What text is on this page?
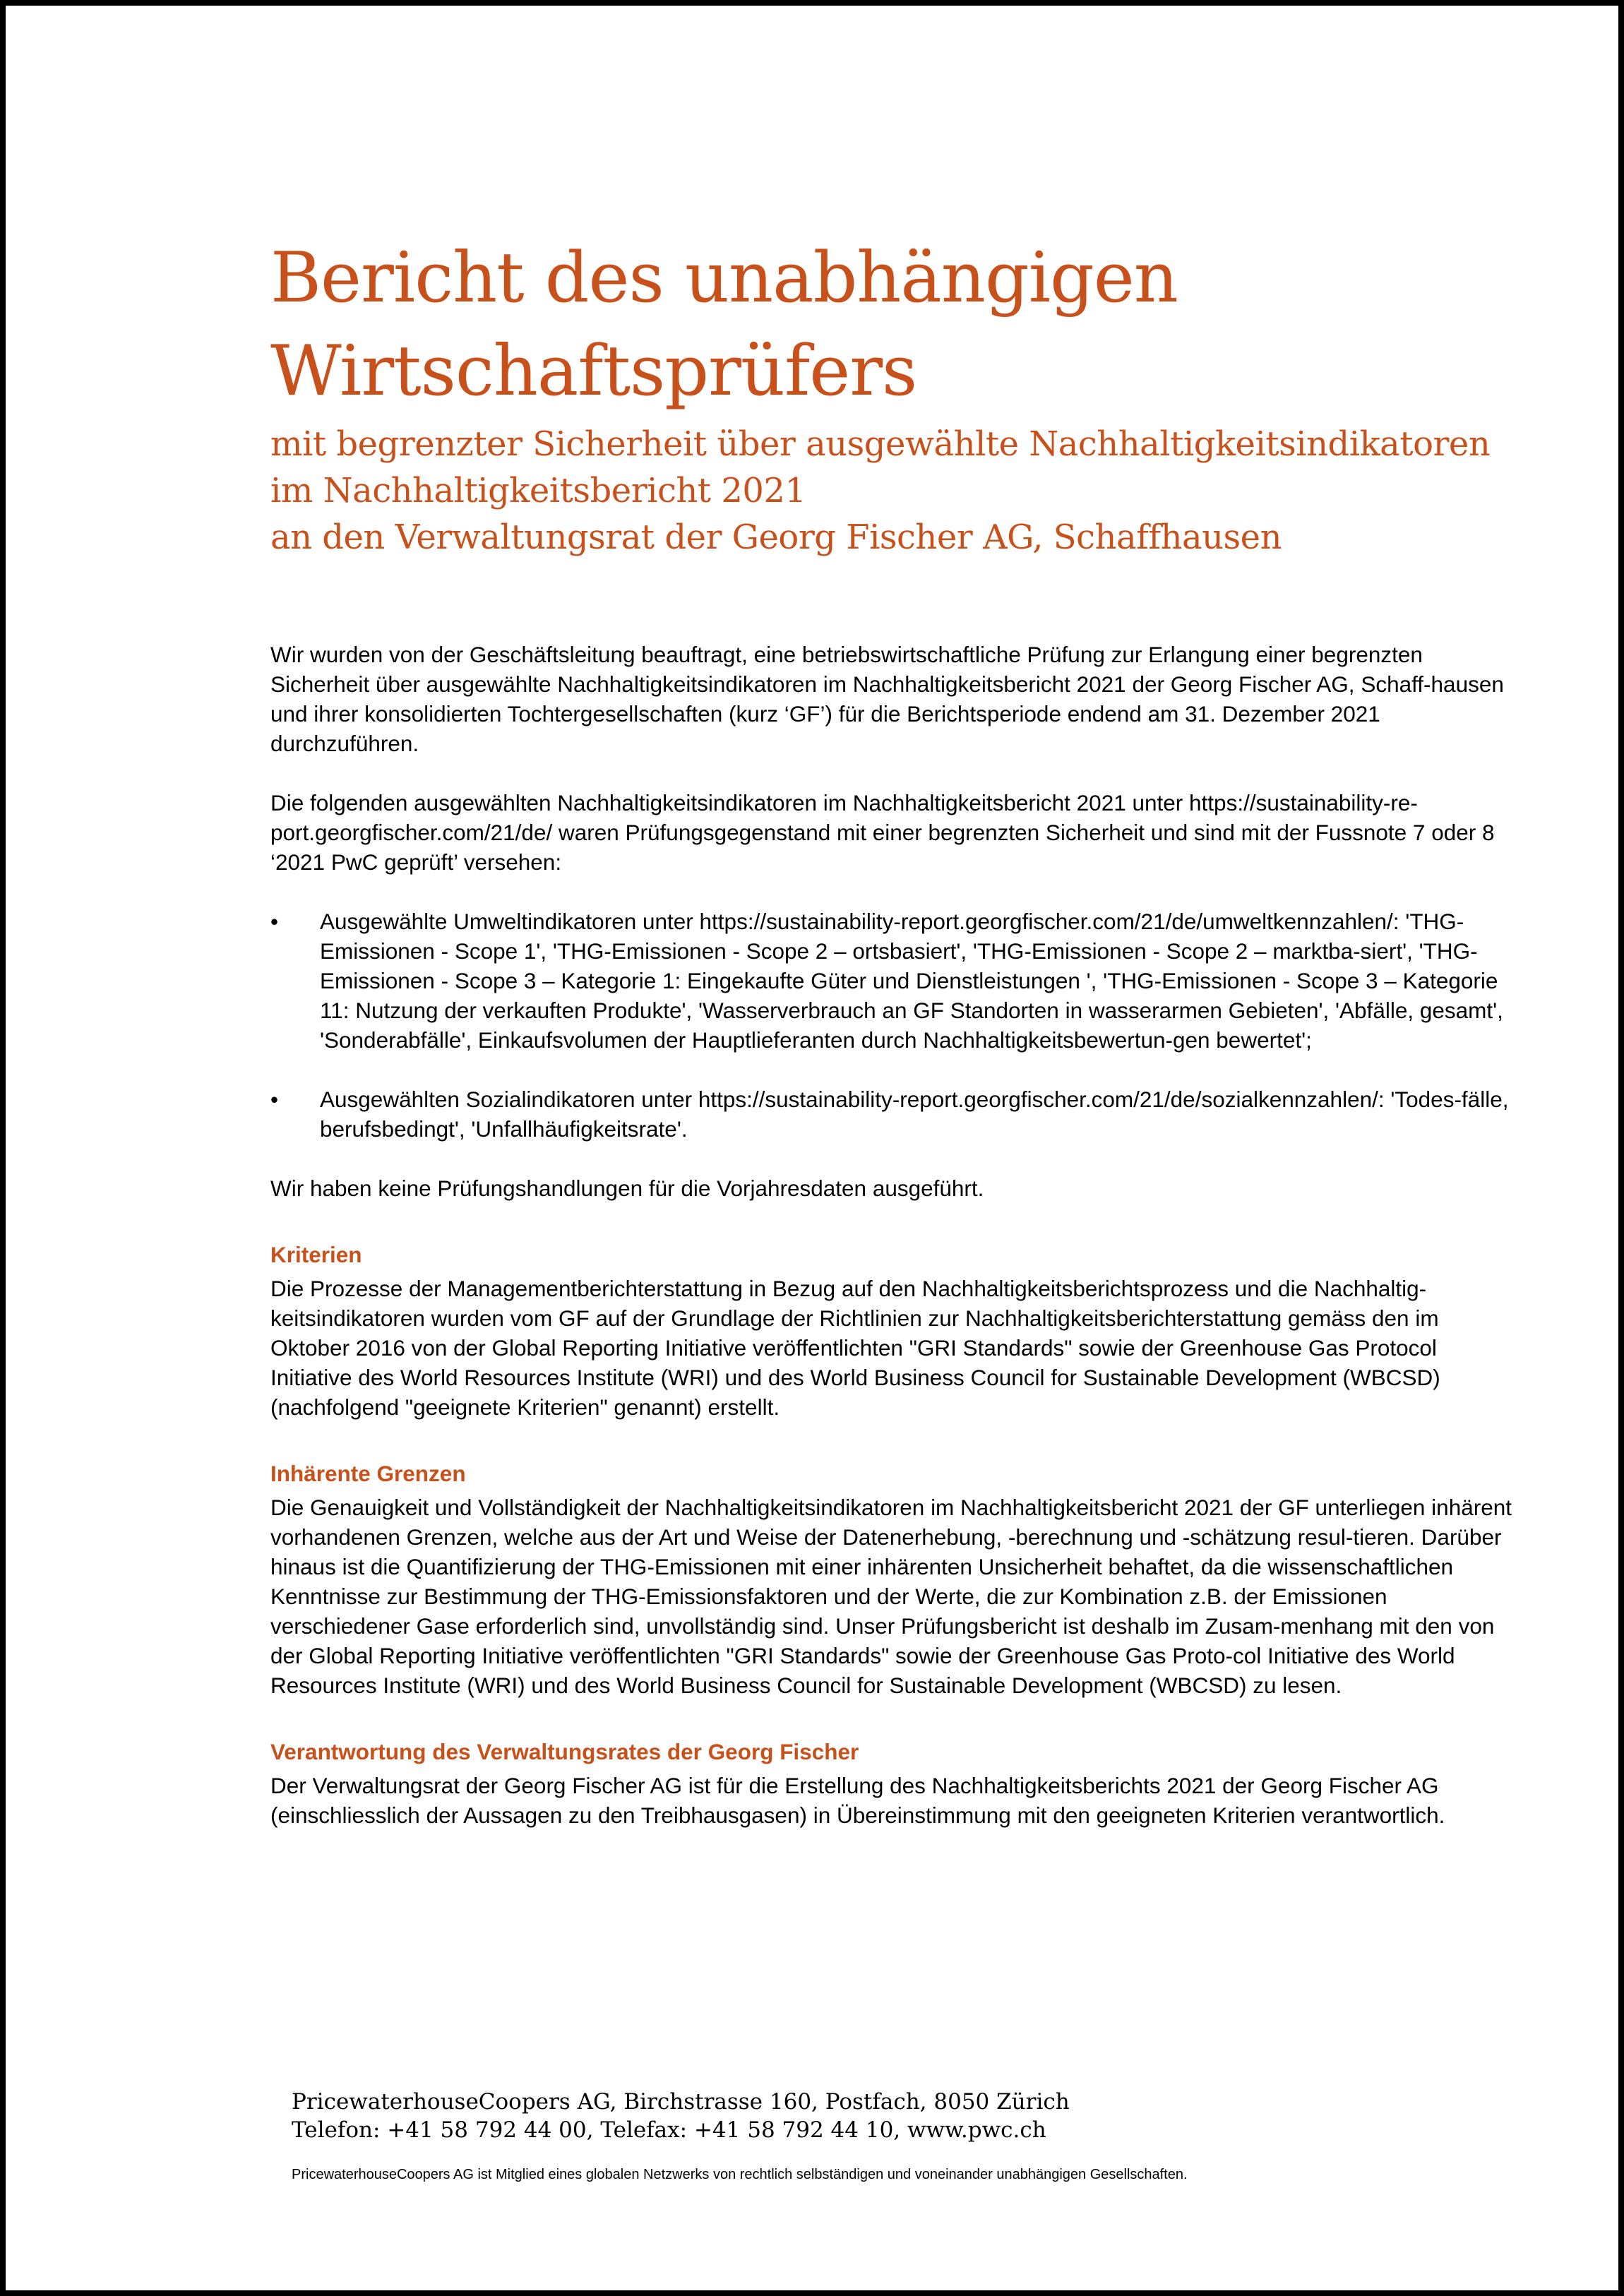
Bericht des unabhängigen
Wirtschaftsprüfers
mit begrenzter Sicherheit über ausgewählte Nachhaltigkeitsindikatoren
im Nachhaltigkeitsbericht 2021
an den Verwaltungsrat der Georg Fischer AG, Schaffhausen

Wir wurden von der Geschäftsleitung beauftragt, eine betriebswirtschaftliche Prüfung zur Erlangung einer begrenzten Sicherheit über ausgewählte Nachhaltigkeitsindikatoren im Nachhaltigkeitsbericht 2021 der Georg Fischer AG, Schaff-hausen und ihrer konsolidierten Tochtergesellschaften (kurz ‘GF’) für die Berichtsperiode endend am 31. Dezember 2021 durchzuführen.

Die folgenden ausgewählten Nachhaltigkeitsindikatoren im Nachhaltigkeitsbericht 2021 unter https://sustainability-re-port.georgfischer.com/21/de/ waren Prüfungsgegenstand mit einer begrenzten Sicherheit und sind mit der Fussnote 7 oder 8 ‘2021 PwC geprüft’ versehen:

• Ausgewählte Umweltindikatoren unter https://sustainability-report.georgfischer.com/21/de/umweltkennzahlen/: 'THG-Emissionen - Scope 1', 'THG-Emissionen - Scope 2 – ortsbasiert', 'THG-Emissionen - Scope 2 – marktba-siert', 'THG-Emissionen - Scope 3 – Kategorie 1: Eingekaufte Güter und Dienstleistungen ', 'THG-Emissionen - Scope 3 – Kategorie 11: Nutzung der verkauften Produkte', 'Wasserverbrauch an GF Standorten in wasserarmen Gebieten', 'Abfälle, gesamt', 'Sonderabfälle', Einkaufsvolumen der Hauptlieferanten durch Nachhaltigkeitsbewertun-gen bewertet';
• Ausgewählten Sozialindikatoren unter https://sustainability-report.georgfischer.com/21/de/sozialkennzahlen/: 'Todes-fälle, berufsbedingt', 'Unfallhäufigkeitsrate'.

Wir haben keine Prüfungshandlungen für die Vorjahresdaten ausgeführt.

Kriterien

Die Prozesse der Managementberichterstattung in Bezug auf den Nachhaltigkeitsberichtsprozess und die Nachhaltig-keitsindikatoren wurden vom GF auf der Grundlage der Richtlinien zur Nachhaltigkeitsberichterstattung gemäss den im Oktober 2016 von der Global Reporting Initiative veröffentlichten "GRI Standards" sowie der Greenhouse Gas Protocol Initiative des World Resources Institute (WRI) und des World Business Council for Sustainable Development (WBCSD) (nachfolgend "geeignete Kriterien" genannt) erstellt.

Inhärente Grenzen

Die Genauigkeit und Vollständigkeit der Nachhaltigkeitsindikatoren im Nachhaltigkeitsbericht 2021 der GF unterliegen inhärent vorhandenen Grenzen, welche aus der Art und Weise der Datenerhebung, -berechnung und -schätzung resul-tieren. Darüber hinaus ist die Quantifizierung der THG-Emissionen mit einer inhärenten Unsicherheit behaftet, da die wissenschaftlichen Kenntnisse zur Bestimmung der THG-Emissionsfaktoren und der Werte, die zur Kombination z.B. der Emissionen verschiedener Gase erforderlich sind, unvollständig sind. Unser Prüfungsbericht ist deshalb im Zusam-menhang mit den von der Global Reporting Initiative veröffentlichten "GRI Standards" sowie der Greenhouse Gas Proto-col Initiative des World Resources Institute (WRI) und des World Business Council for Sustainable Development (WBCSD) zu lesen.

Verantwortung des Verwaltungsrates der Georg Fischer

Der Verwaltungsrat der Georg Fischer AG ist für die Erstellung des Nachhaltigkeitsberichts 2021 der Georg Fischer AG (einschliesslich der Aussagen zu den Treibhausgasen) in Übereinstimmung mit den geeigneten Kriterien verantwortlich.

PricewaterhouseCoopers AG, Birchstrasse 160, Postfach, 8050 Zürich
Telefon: +41 58 792 44 00, Telefax: +41 58 792 44 10, www.pwc.ch
PricewaterhouseCoopers AG ist Mitglied eines globalen Netzwerks von rechtlich selbständigen und voneinander unabhängigen Gesellschaften.
